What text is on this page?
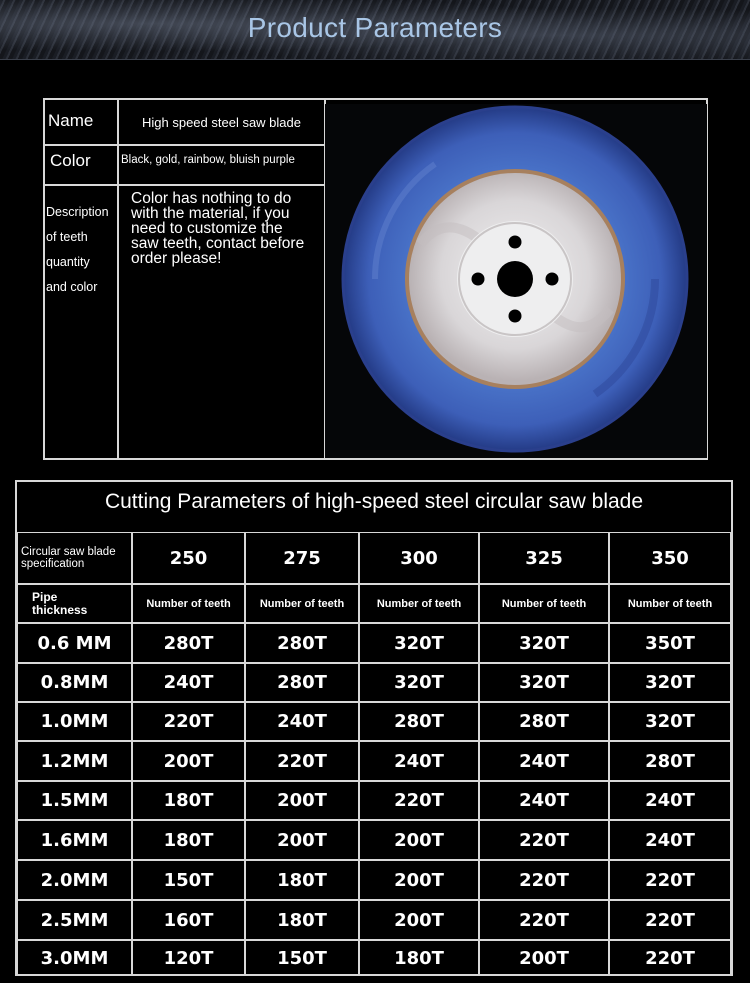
Product Parameters
Name	High speed steel saw blade
Color	Black, gold, rainbow, bluish purple
Description
of teeth
quantity
and color
Color has nothing to do
with the material, if you
need to customize the
saw teeth, contact before
order please!
Cutting Parameters of high-speed steel circular saw blade
Circular saw blade
specification	250	275	300	325	350
Pipe
thickness	Number of teeth	Number of teeth	Number of teeth	Number of teeth	Number of teeth
0.6 MM	280T	280T	320T	320T	350T
0.8MM	240T	280T	320T	320T	320T
1.0MM	220T	240T	280T	280T	320T
1.2MM	200T	220T	240T	240T	280T
1.5MM	180T	200T	220T	240T	240T
1.6MM	180T	200T	200T	220T	240T
2.0MM	150T	180T	200T	220T	220T
2.5MM	160T	180T	200T	220T	220T
3.0MM	120T	150T	180T	200T	220T
